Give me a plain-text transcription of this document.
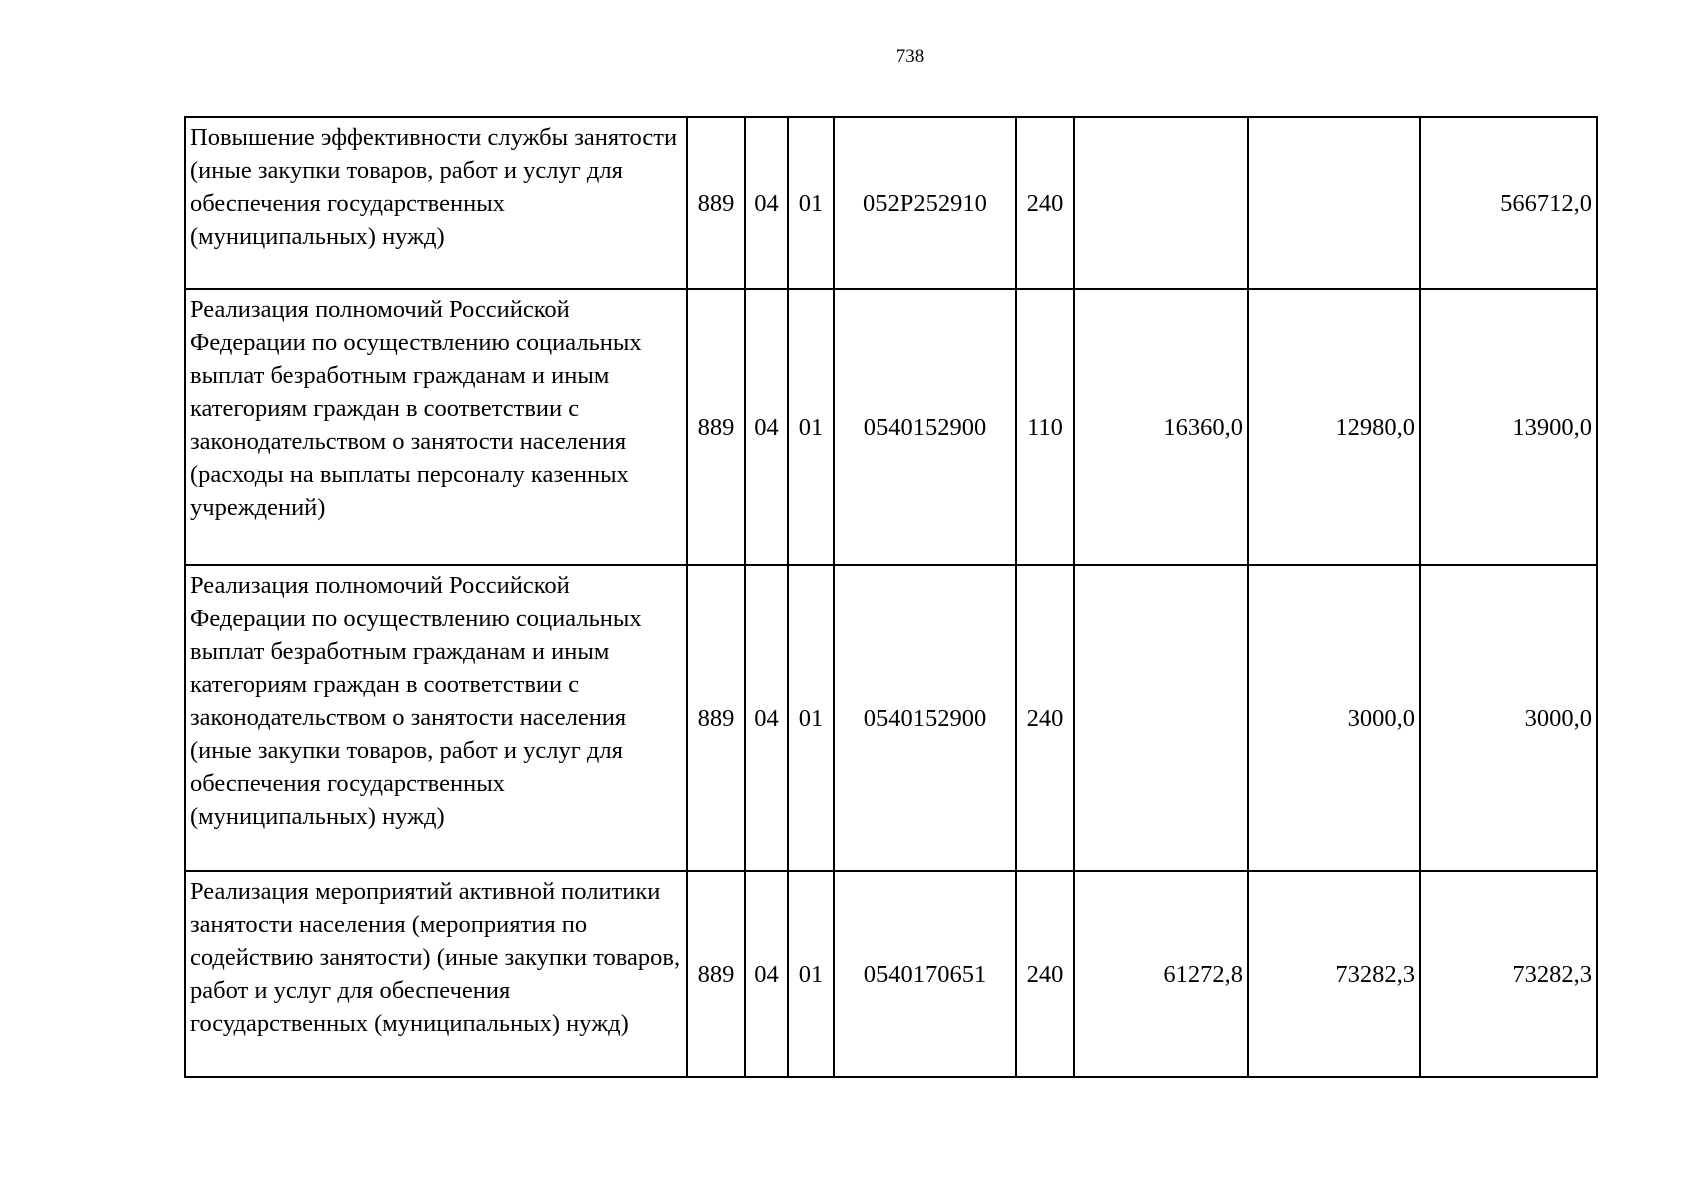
738
Повышение эффективности службы занятости (иные закупки товаров, работ и услуг для обеспечения государственных (муниципальных) нужд)	889	04	01	052Р252910	240			566712,0
Реализация полномочий Российской Федерации по осуществлению социальных выплат безработным гражданам и иным категориям граждан в соответствии с законодательством о занятости населения (расходы на выплаты персоналу казенных учреждений)	889	04	01	0540152900	110	16360,0	12980,0	13900,0
Реализация полномочий Российской Федерации по осуществлению социальных выплат безработным гражданам и иным категориям граждан в соответствии с законодательством о занятости населения (иные закупки товаров, работ и услуг для обеспечения государственных (муниципальных) нужд)	889	04	01	0540152900	240		3000,0	3000,0
Реализация мероприятий активной политики занятости населения (мероприятия по содействию занятости) (иные закупки товаров, работ и услуг для обеспечения государственных (муниципальных) нужд)	889	04	01	0540170651	240	61272,8	73282,3	73282,3
